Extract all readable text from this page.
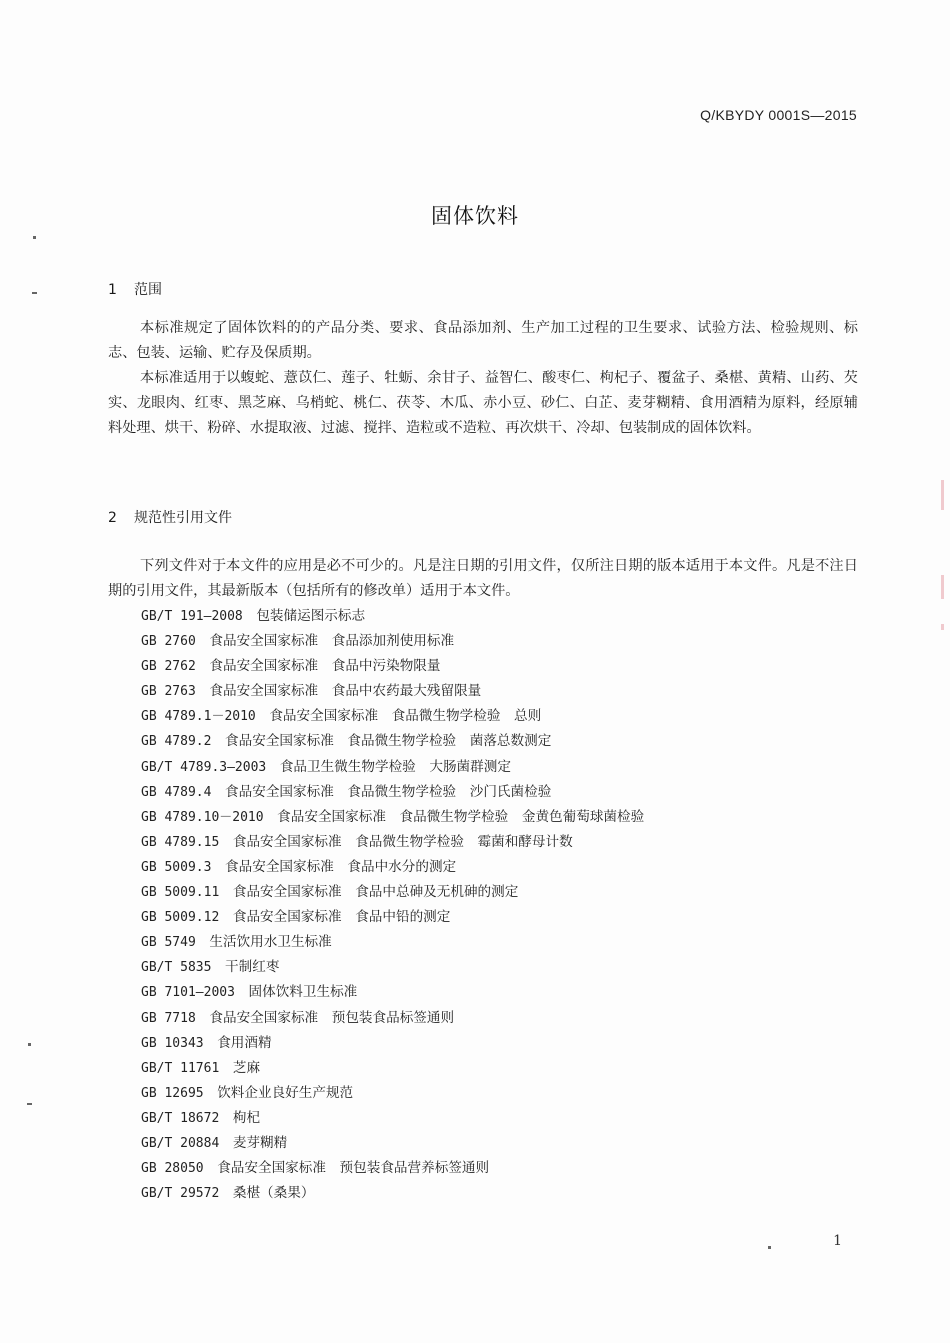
Q/KBYDY 0001S—2015
固体饮料
1 范围

本标准规定了固体饮料的的产品分类、要求、食品添加剂、生产加工过程的卫生要求、试验方法、检验规则、标志、包装、运输、贮存及保质期。

本标准适用于以蝮蛇、薏苡仁、莲子、牡蛎、余甘子、益智仁、酸枣仁、枸杞子、覆盆子、桑椹、黄精、山药、芡实、龙眼肉、红枣、黑芝麻、乌梢蛇、桃仁、茯苓、木瓜、赤小豆、砂仁、白芷、麦芽糊精、食用酒精为原料，经原辅料处理、烘干、粉碎、水提取液、过滤、搅拌、造粒或不造粒、再次烘干、冷却、包装制成的固体饮料。

2 规范性引用文件

下列文件对于本文件的应用是必不可少的。凡是注日期的引用文件，仅所注日期的版本适用于本文件。凡是不注日期的引用文件，其最新版本（包括所有的修改单）适用于本文件。

GB/T 191—2008　 包装储运图示标志
GB 2760　 食品安全国家标准　食品添加剂使用标准
GB 2762　 食品安全国家标准　食品中污染物限量
GB 2763　 食品安全国家标准　食品中农药最大残留限量
GB 4789.1－2010　 食品安全国家标准　食品微生物学检验　总则
GB 4789.2　 食品安全国家标准　食品微生物学检验　菌落总数测定
GB/T 4789.3—2003　 食品卫生微生物学检验　大肠菌群测定
GB 4789.4　 食品安全国家标准　食品微生物学检验　沙门氏菌检验
GB 4789.10－2010　 食品安全国家标准　食品微生物学检验　金黄色葡萄球菌检验
GB 4789.15　 食品安全国家标准　食品微生物学检验　霉菌和酵母计数
GB 5009.3　 食品安全国家标准　食品中水分的测定
GB 5009.11　 食品安全国家标准　食品中总砷及无机砷的测定
GB 5009.12　 食品安全国家标准　食品中铅的测定
GB 5749　 生活饮用水卫生标准
GB/T 5835　 干制红枣
GB 7101—2003　 固体饮料卫生标准
GB 7718　 食品安全国家标准　预包装食品标签通则
GB 10343　 食用酒精
GB/T 11761　 芝麻
GB 12695　 饮料企业良好生产规范
GB/T 18672　 枸杞
GB/T 20884　 麦芽糊精
GB 28050　 食品安全国家标准　预包装食品营养标签通则
GB/T 29572　 桑椹（桑果）
1
